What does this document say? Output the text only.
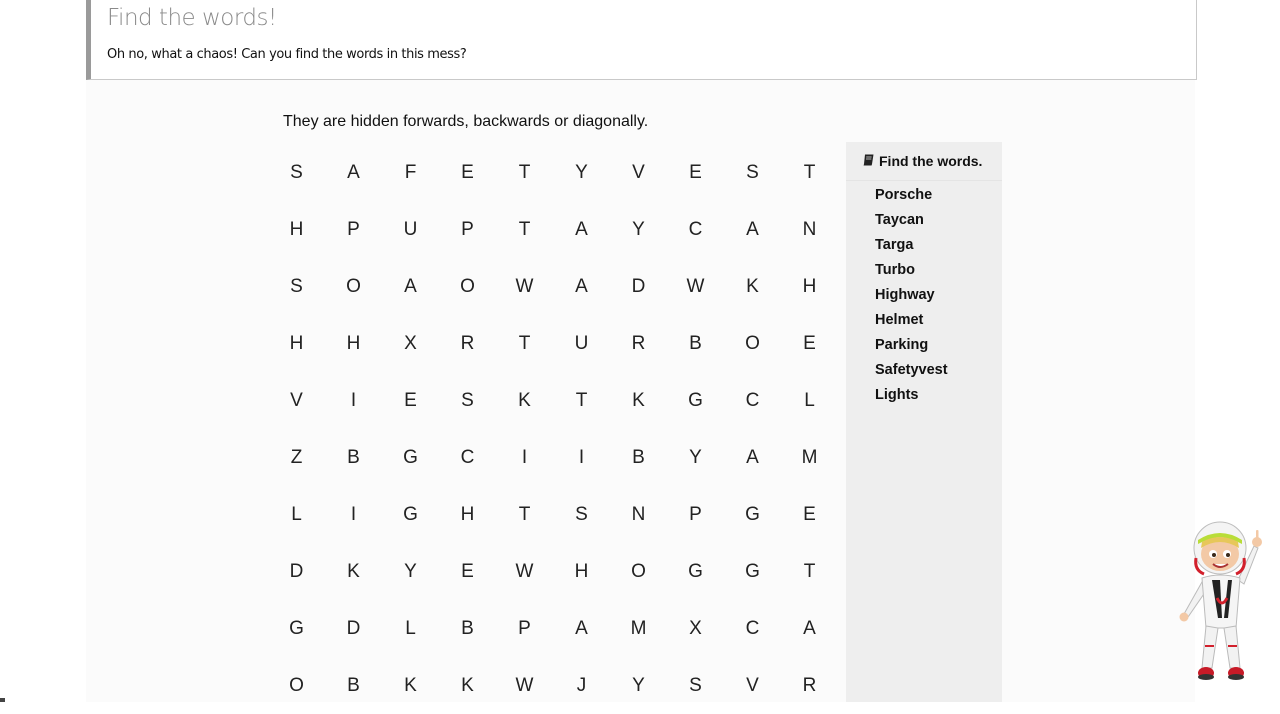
Find the words!
Oh no, what a chaos! Can you find the words in this mess?
They are hidden forwards, backwards or diagonally.
S	A	F	E	T	Y	V	E	S	T
H	P	U	P	T	A	Y	C	A	N
S	O	A	O	W	A	D	W	K	H
H	H	X	R	T	U	R	B	O	E
V	I	E	S	K	T	K	G	C	L
Z	B	G	C	I	I	B	Y	A	M
L	I	G	H	T	S	N	P	G	E
D	K	Y	E	W	H	O	G	G	T
G	D	L	B	P	A	M	X	C	A
O	B	K	K	W	J	Y	S	V	R
Find the words.
Porsche
Taycan
Targa
Turbo
Highway
Helmet
Parking
Safetyvest
Lights
